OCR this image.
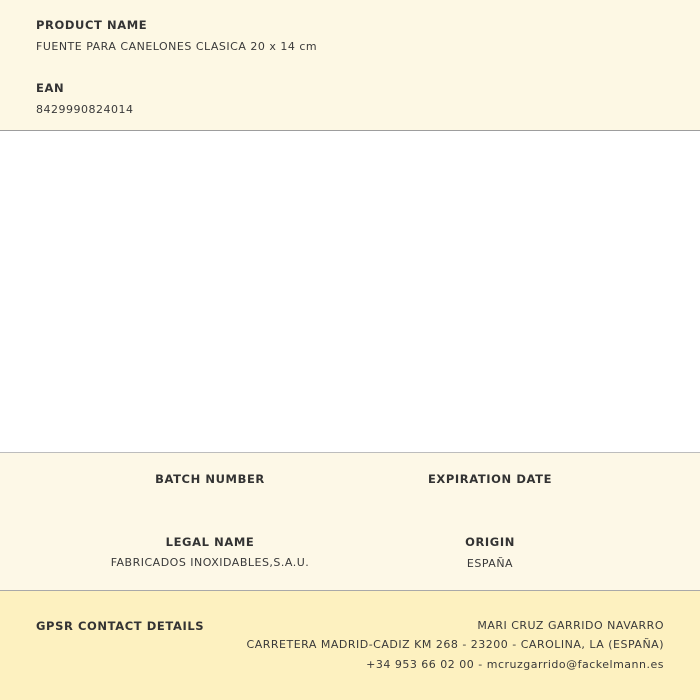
PRODUCT NAME
FUENTE PARA CANELONES CLASICA 20 x 14 cm
EAN
8429990824014
BATCH NUMBER	EXPIRATION DATE
LEGAL NAME
FABRICADOS INOXIDABLES,S.A.U.
ORIGIN
ESPAÑA
GPSR CONTACT DETAILS	MARI CRUZ GARRIDO NAVARRO
CARRETERA MADRID-CADIZ KM 268 - 23200 - CAROLINA, LA (ESPAÑA)
+34 953 66 02 00 - mcruzgarrido@fackelmann.es
